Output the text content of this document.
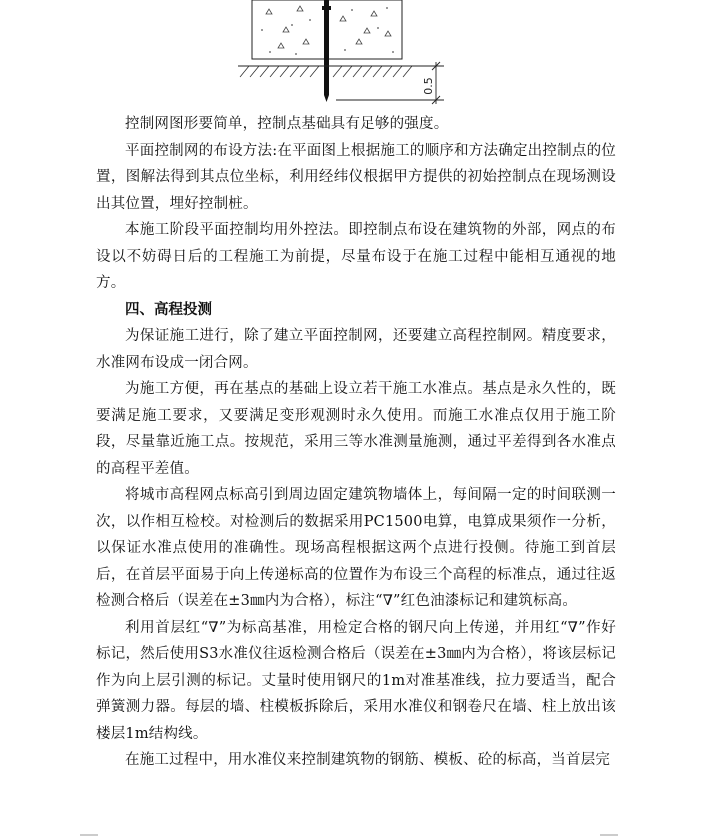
0.5

控制网图形要简单，控制点基础具有足够的强度。

平面控制网的布设方法:在平面图上根据施工的顺序和方法确定出控制点的位置，图解法得到其点位坐标，利用经纬仪根据甲方提供的初始控制点在现场测设出其位置，埋好控制桩。

本施工阶段平面控制均用外控法。即控制点布设在建筑物的外部，网点的布设以不妨碍日后的工程施工为前提，尽量布设于在施工过程中能相互通视的地方。

四、高程投测

为保证施工进行，除了建立平面控制网，还要建立高程控制网。精度要求，水准网布设成一闭合网。

为施工方便，再在基点的基础上设立若干施工水准点。基点是永久性的，既要满足施工要求，又要满足变形观测时永久使用。而施工水准点仅用于施工阶段，尽量靠近施工点。按规范，采用三等水准测量施测，通过平差得到各水准点的高程平差值。

将城市高程网点标高引到周边固定建筑物墙体上，每间隔一定的时间联测一次，以作相互检校。对检测后的数据采用PC1500电算，电算成果须作一分析，以保证水准点使用的准确性。现场高程根据这两个点进行投侧。待施工到首层后，在首层平面易于向上传递标高的位置作为布设三个高程的标准点，通过往返检测合格后（误差在±3㎜内为合格），标注“∇”红色油漆标记和建筑标高。

利用首层红“∇”为标高基准，用检定合格的钢尺向上传递，并用红“∇”作好标记，然后使用S3水准仪往返检测合格后（误差在±3㎜内为合格），将该层标记作为向上层引测的标记。丈量时使用钢尺的1m对准基准线，拉力要适当，配合弹簧测力器。每层的墙、柱模板拆除后，采用水准仪和钢卷尺在墙、柱上放出该楼层1m结构线。

在施工过程中，用水准仪来控制建筑物的钢筋、模板、砼的标高，当首层完
